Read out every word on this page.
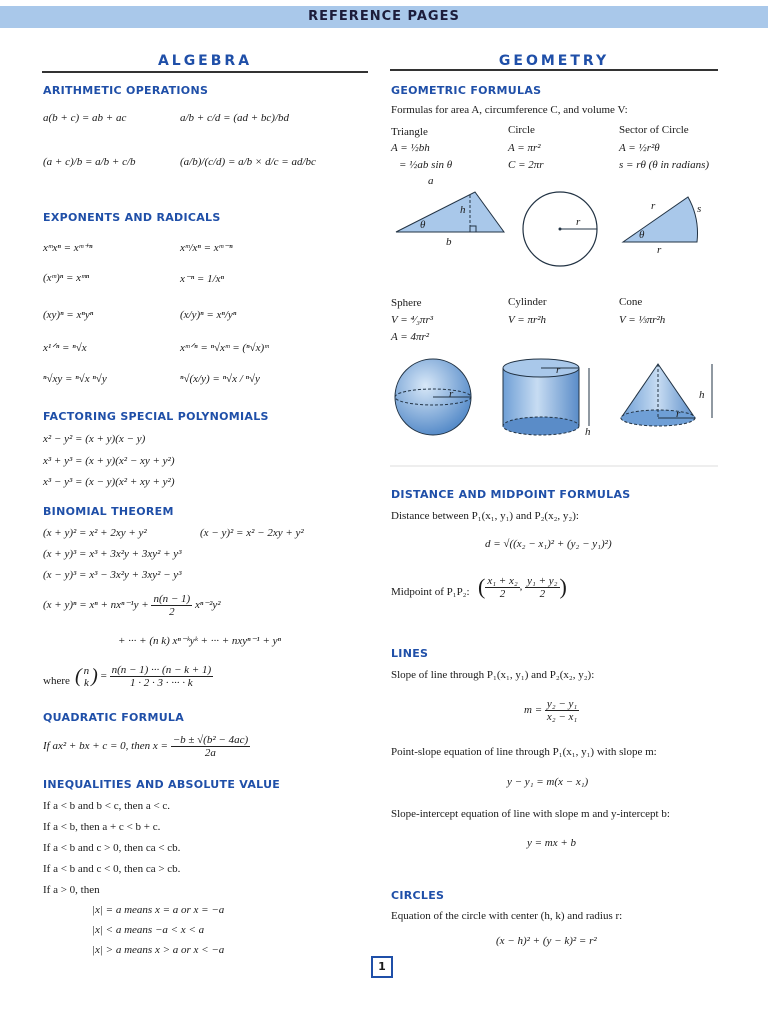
REFERENCE PAGES
ALGEBRA
ARITHMETIC OPERATIONS
a(b + c) = ab + ac	a/b + c/d = (ad + bc)/bd
(a + c)/b = a/b + c/b	(a/b)/(c/d) = a/b × d/c = ad/bc
EXPONENTS AND RADICALS
xᵐxⁿ = xᵐ⁺ⁿ	xᵐ/xⁿ = xᵐ⁻ⁿ
(xᵐ)ⁿ = xᵐⁿ	x⁻ⁿ = 1/xⁿ
(xy)ⁿ = xⁿyⁿ	(x/y)ⁿ = xⁿ/yⁿ
x¹ᐟⁿ = ⁿ√x	xᵐᐟⁿ = ⁿ√xᵐ = (ⁿ√x)ᵐ
ⁿ√xy = ⁿ√x ⁿ√y	ⁿ√(x/y) = ⁿ√x / ⁿ√y
FACTORING SPECIAL POLYNOMIALS
x² − y² = (x + y)(x − y)
x³ + y³ = (x + y)(x² − xy + y²)
x³ − y³ = (x − y)(x² + xy + y²)
BINOMIAL THEOREM
(x + y)² = x² + 2xy + y²	(x − y)² = x² − 2xy + y²
(x + y)³ = x³ + 3x²y + 3xy² + y³
(x − y)³ = x³ − 3x²y + 3xy² − y³
$(x + y)^n = x^n + nx^{n-1}y + \frac{n(n - 1)}{2} x^{n-2}y^2$
+ ··· + (n k) xⁿ⁻ᵏyᵏ + ··· + nxyⁿ⁻¹ + yⁿ
where ( n
k ) = $\frac{n(n - 1) \cdot\cdot\cdot (n - k + 1)}{1 \cdot 2 \cdot 3 \cdot \cdot\cdot\cdot \cdot k}$
QUADRATIC FORMULA
If ax² + bx + c = 0, then $x = \frac{\text{−b ± √(b² − 4ac)}}{2a}$
INEQUALITIES AND ABSOLUTE VALUE
If a < b and b < c, then a < c.
If a < b, then a + c < b + c.
If a < b and c > 0, then ca < cb.
If a < b and c < 0, then ca > cb.
If a > 0, then
|x| = a means x = a or x = −a
|x| < a means −a < x < a
|x| > a means x > a or x < −a
GEOMETRY
GEOMETRIC FORMULAS
Formulas for area A, circumference C, and volume V:
Triangle
A = ½bh
= ½ab sin θ
Circle
A = πr²
C = 2πr
Sector of Circle
A = ½r²θ
s = rθ (θ in radians)
a
h
θ
b
r
r	s
θ
r
r
r
h
h
r
Sphere
V = ⁴⁄₃πr³
A = 4πr²
Cylinder
V = πr²h
Cone
V = ⅓πr²h
DISTANCE AND MIDPOINT FORMULAS
Distance between P₁(x₁, y₁) and P₂(x₂, y₂):
d = √((x₂ − x₁)² + (y₂ − y₁)²)
Midpoint of P₁P₂: ( $\frac{\text{x₁ + x₂}}{2}$ , $\frac{\text{y₁ + y₂}}{2}$ )
LINES
Slope of line through P₁(x₁, y₁) and P₂(x₂, y₂):
$m = \frac{\text{y₂ − y₁}}{\text{x₂ − x₁}}$
Point-slope equation of line through P₁(x₁, y₁) with slope m:
y − y₁ = m(x − x₁)
Slope-intercept equation of line with slope m and y-intercept b:
y = mx + b
CIRCLES
Equation of the circle with center (h, k) and radius r:
(x − h)² + (y − k)² = r²
1
